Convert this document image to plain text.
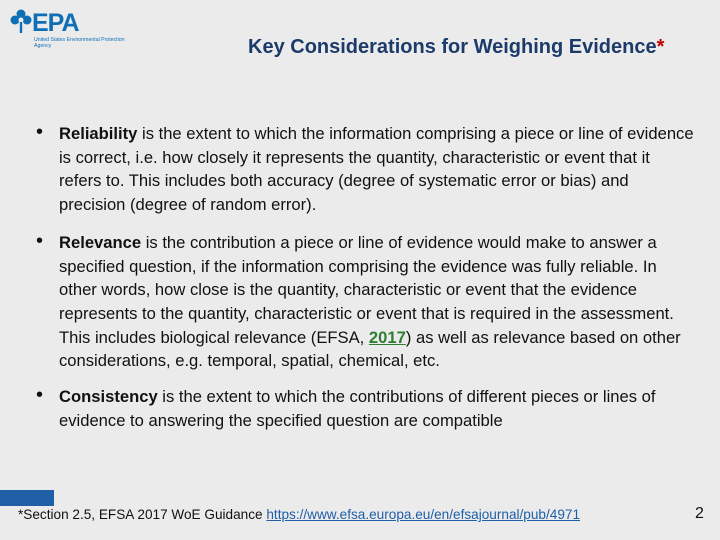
EPA
United States Environmental Protection Agency	Key Considerations for Weighing Evidence*
• Reliability is the extent to which the information comprising a piece or line of evidence is correct, i.e. how closely it represents the quantity, characteristic or event that it refers to. This includes both accuracy (degree of systematic error or bias) and precision (degree of random error).
• Relevance is the contribution a piece or line of evidence would make to answer a specified question, if the information comprising the evidence was fully reliable. In other words, how close is the quantity, characteristic or event that the evidence represents to the quantity, characteristic or event that is required in the assessment. This includes biological relevance (EFSA, 2017) as well as relevance based on other considerations, e.g. temporal, spatial, chemical, etc.
• Consistency is the extent to which the contributions of different pieces or lines of evidence to answering the specified question are compatible
*Section 2.5, EFSA 2017 WoE Guidance https://www.efsa.europa.eu/en/efsajournal/pub/4971	2
